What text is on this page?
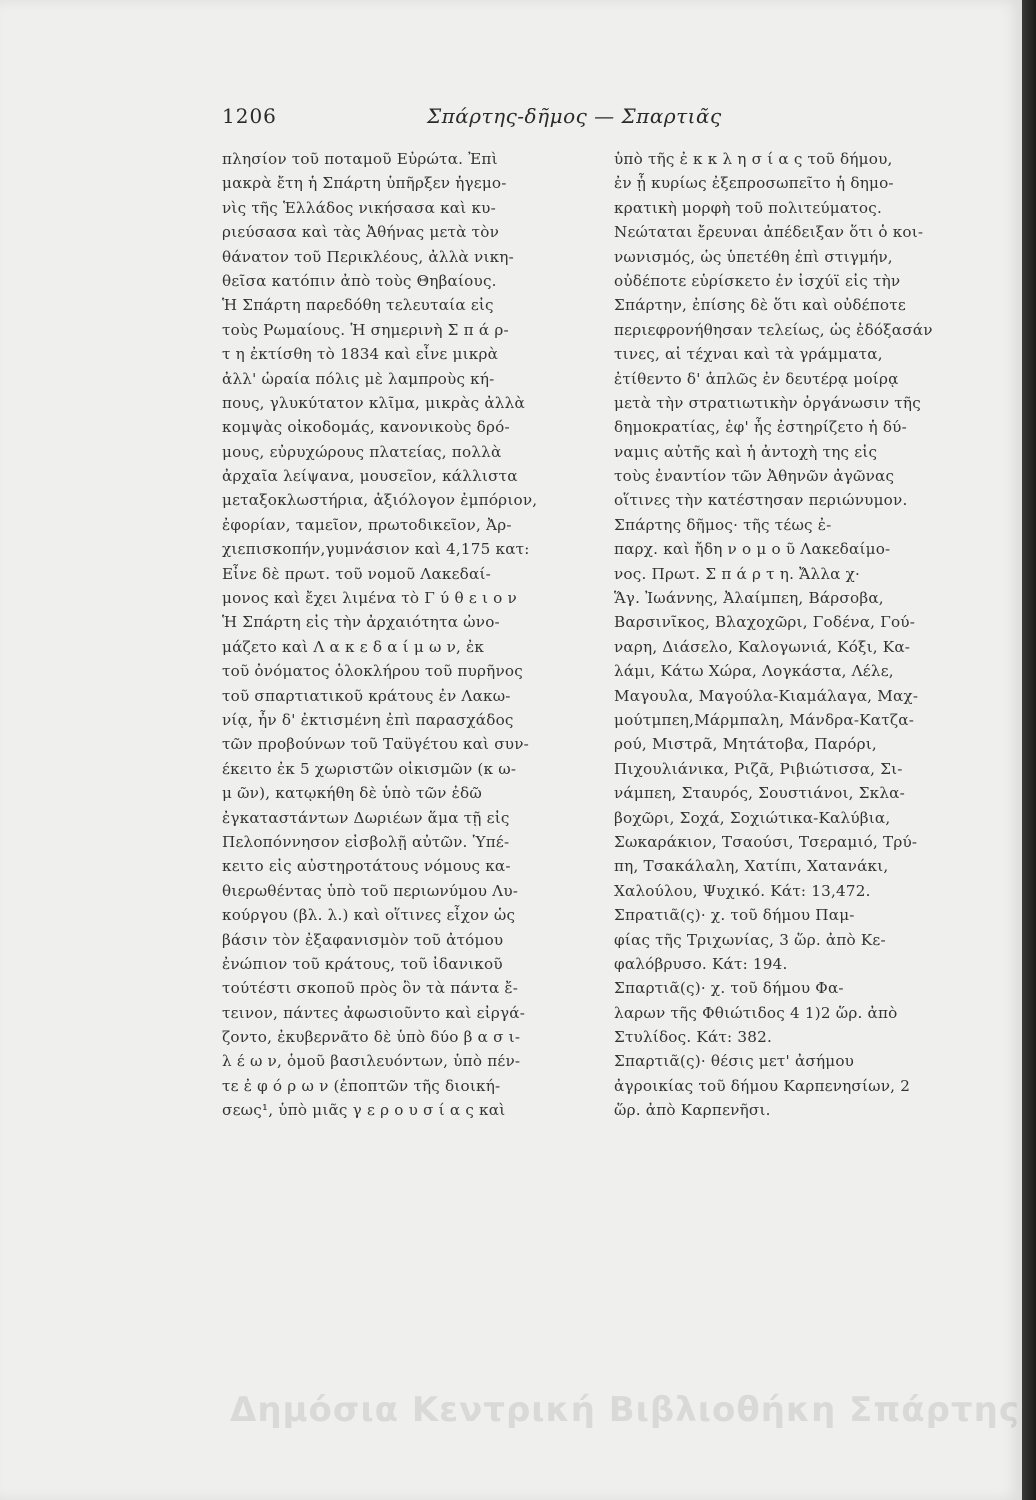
1206	Σπάρτης-δῆμος — Σπαρτιᾶς
πλησίον τοῦ ποταμοῦ Εὐρώτα. Ἐπὶ
μακρὰ ἔτη ἡ Σπάρτη ὑπῆρξεν ἡγεμο-
νὶς τῆς Ἑλλάδος νικήσασα καὶ κυ-
ριεύσασα καὶ τὰς Ἀθήνας μετὰ τὸν
θάνατον τοῦ Περικλέους, ἀλλὰ νικη-
θεῖσα κατόπιν ἀπὸ τοὺς Θηβαίους.
Ἡ Σπάρτη παρεδόθη τελευταία εἰς
τοὺς Ρωμαίους. Ἡ σημερινὴ Σ π ά ρ-
τ η ἐκτίσθη τὸ 1834 καὶ εἶνε μικρὰ
ἀλλ' ὡραία πόλις μὲ λαμπροὺς κή-
πους, γλυκύτατον κλῖμα, μικρὰς ἀλλὰ
κομψὰς οἰκοδομάς, κανονικοὺς δρό-
μους, εὐρυχώρους πλατείας, πολλὰ
ἀρχαῖα λείψανα, μουσεῖον, κάλλιστα
μεταξοκλωστήρια, ἀξιόλογον ἐμπόριον,
ἐφορίαν, ταμεῖον, πρωτοδικεῖον, Ἀρ-
χιεπισκοπήν,γυμνάσιον καὶ 4,175 κατ:
Εἶνε δὲ πρωτ. τοῦ νομοῦ Λακεδαί-
μονος καὶ ἔχει λιμένα τὸ Γ ύ θ ε ι ο ν
Ἡ Σπάρτη εἰς τὴν ἀρχαιότητα ὠνο-
μάζετο καὶ Λ α κ ε δ α ί μ ω ν, ἐκ
τοῦ ὀνόματος ὁλοκλήρου τοῦ πυρῆνος
τοῦ σπαρτιατικοῦ κράτους ἐν Λακω-
νίᾳ, ἦν δ' ἐκτισμένη ἐπὶ παρασχάδος
τῶν προβούνων τοῦ Ταϋγέτου καὶ συν-
έκειτο ἐκ 5 χωριστῶν οἰκισμῶν (κ ω-
μ ῶν), κατῳκήθη δὲ ὑπὸ τῶν ἐδῶ
ἐγκαταστάντων Δωριέων ἅμα τῇ εἰς
Πελοπόννησον εἰσβολῇ αὐτῶν. Ὑπέ-
κειτο εἰς αὐστηροτάτους νόμους κα-
θιερωθέντας ὑπὸ τοῦ περιωνύμου Λυ-
κούργου (βλ. λ.) καὶ οἵτινες εἶχον ὡς
βάσιν τὸν ἐξαφανισμὸν τοῦ ἀτόμου
ἐνώπιον τοῦ κράτους, τοῦ ἰδανικοῦ
τούτέστι σκοποῦ πρὸς ὃν τὰ πάντα ἔ-
τεινον, πάντες ἀφωσιοῦντο καὶ εἰργά-
ζοντο, ἐκυβερνᾶτο δὲ ὑπὸ δύο β α σ ι-
λ έ ω ν, ὁμοῦ βασιλευόντων, ὑπὸ πέν-
τε ἐ φ ό ρ ω ν (ἐποπτῶν τῆς διοική-
σεως¹, ὑπὸ μιᾶς γ ε ρ ο υ σ ί α ς καὶ
ὑπὸ τῆς ἐ κ κ λ η σ ί α ς τοῦ δήμου,
ἐν ᾗ κυρίως ἐξεπροσωπεῖτο ἡ δημο-
κρατικὴ μορφὴ τοῦ πολιτεύματος.
Νεώταται ἔρευναι ἀπέδειξαν ὅτι ὁ κοι-
νωνισμός, ὡς ὑπετέθη ἐπὶ στιγμήν,
οὐδέποτε εὑρίσκετο ἐν ἰσχύϊ εἰς τὴν
Σπάρτην, ἐπίσης δὲ ὅτι καὶ οὐδέποτε
περιεφρονήθησαν τελείως, ὡς ἐδόξασάν
τινες, αἱ τέχναι καὶ τὰ γράμματα,
ἐτίθεντο δ' ἁπλῶς ἐν δευτέρᾳ μοίρᾳ
μετὰ τὴν στρατιωτικὴν ὀργάνωσιν τῆς
δημοκρατίας, ἐφ' ἧς ἐστηρίζετο ἡ δύ-
ναμις αὐτῆς καὶ ἡ ἀντοχὴ της εἰς
τοὺς ἐναντίον τῶν Ἀθηνῶν ἀγῶνας
οἵτινες τὴν κατέστησαν περιώνυμον.
Σπάρτης δῆμος· τῆς τέως ἐ-
παρχ. καὶ ἤδη ν ο μ ο ῦ Λακεδαίμο-
νος. Πρωτ. Σ π ά ρ τ η. Ἄλλα χ·
Ἅγ. Ἰωάννης, Ἀλαίμπεη, Βάρσοβα,
Βαρσινῖκος, Βλαχοχῶρι, Γοδένα, Γού-
ναρη, Διάσελο, Καλογωνιά, Κόξι, Κα-
λάμι, Κάτω Χώρα, Λογκάστα, Λέλε,
Μαγουλα, Μαγούλα-Κιαμάλαγα, Μαχ-
μούτμπεη,Μάρμπαλη, Μάνδρα-Κατζα-
ρού, Μιστρᾶ, Μητάτοβα, Παρόρι,
Πιχουλιάνικα, Ριζᾶ, Ριβιώτισσα, Σι-
νάμπεη, Σταυρός, Σουστιάνοι, Σκλα-
βοχῶρι, Σοχά, Σοχιώτικα-Καλύβια,
Σωκαράκιον, Τσαούσι, Τσεραμιό, Τρύ-
πη, Τσακάλαλη, Χατίπι, Χατανάκι,
Χαλούλου, Ψυχικό. Κάτ: 13,472.
Σπρατιᾶ(ς)· χ. τοῦ δήμου Παμ-
φίας τῆς Τριχωνίας, 3 ὥρ. ἀπὸ Κε-
φαλόβρυσο. Κάτ: 194.
Σπαρτιᾶ(ς)· χ. τοῦ δήμου Φα-
λαρων τῆς Φθιώτιδος 4 1)2 ὥρ. ἀπὸ
Στυλίδος. Κάτ: 382.
Σπαρτιᾶ(ς)· θέσις μετ' ἀσήμου
ἀγροικίας τοῦ δήμου Καρπενησίων, 2
ὥρ. ἀπὸ Καρπενῆσι.
Δημόσια Κεντρική Βιβλιοθήκη Σπάρτης
